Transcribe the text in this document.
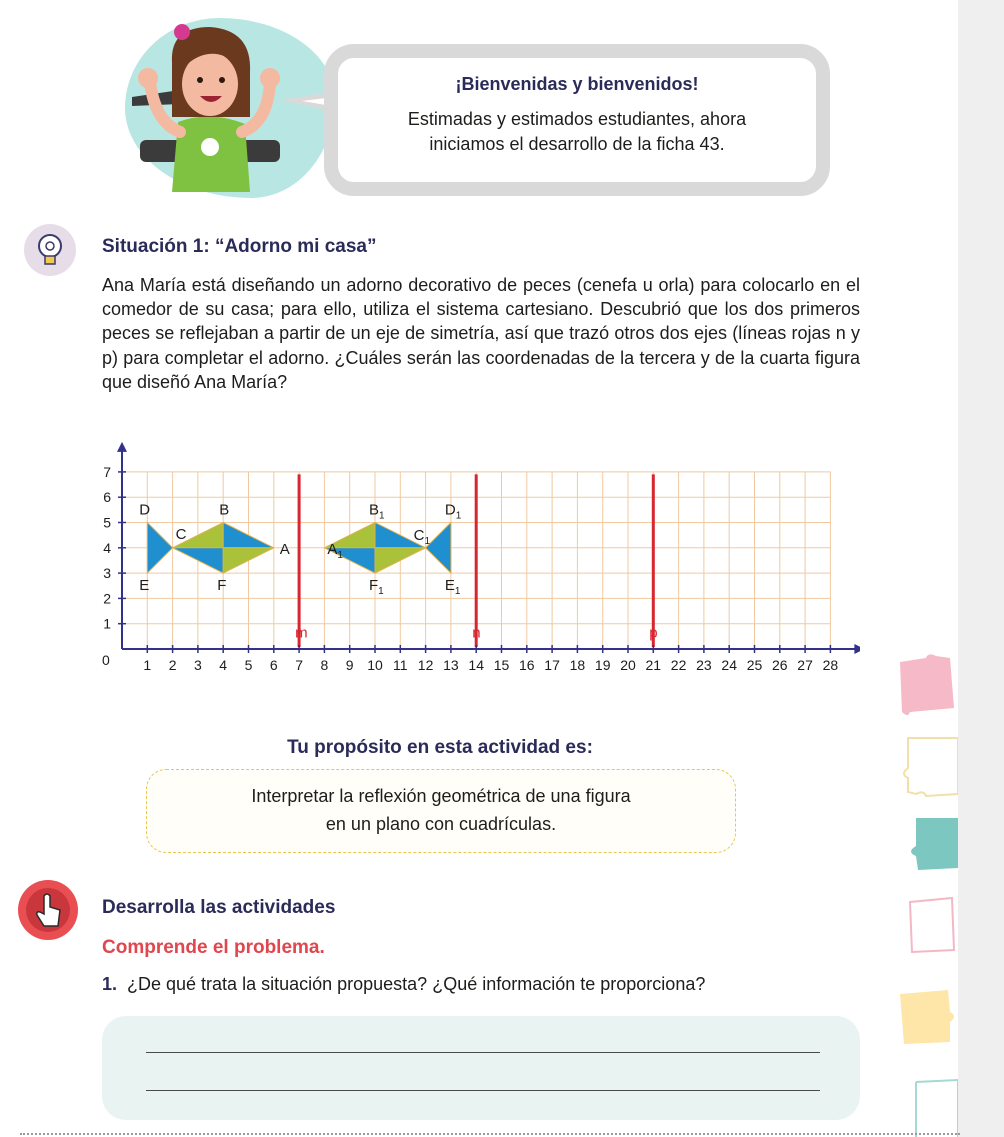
¡Bienvenidas y bienvenidos!
Estimadas y estimados estudiantes, ahora
iniciamos el desarrollo de la ficha 43.
Situación 1: “Adorno mi casa”
Ana María está diseñando un adorno decorativo de peces (cenefa u orla) para colocarlo en el comedor de su casa; para ello, utiliza el sistema cartesiano. Descubrió que los dos primeros peces se reflejaban a partir de un eje de simetría, así que trazó otros dos ejes (líneas rojas n y p) para completar el adorno. ¿Cuáles serán las coordenadas de la tercera y de la cuarta figura que diseñó Ana María?
m	n	p
1 2 3 4 5 6 7 8 9 10 11 12 13 14 15 16 17 18 19 20 21 22 23 24 25 26 27 28
1
2
3
4
5
6
7
0
D	B
C
A
E	F
$A_1$
$B_1$
$C_1$
$D_1$
$E_1$
$F_1$
Tu propósito en esta actividad es:
Interpretar la reflexión geométrica de una figura
en un plano con cuadrículas.
Desarrolla las actividades
Comprende el problema.
1. ¿De qué trata la situación propuesta? ¿Qué información te proporciona?
